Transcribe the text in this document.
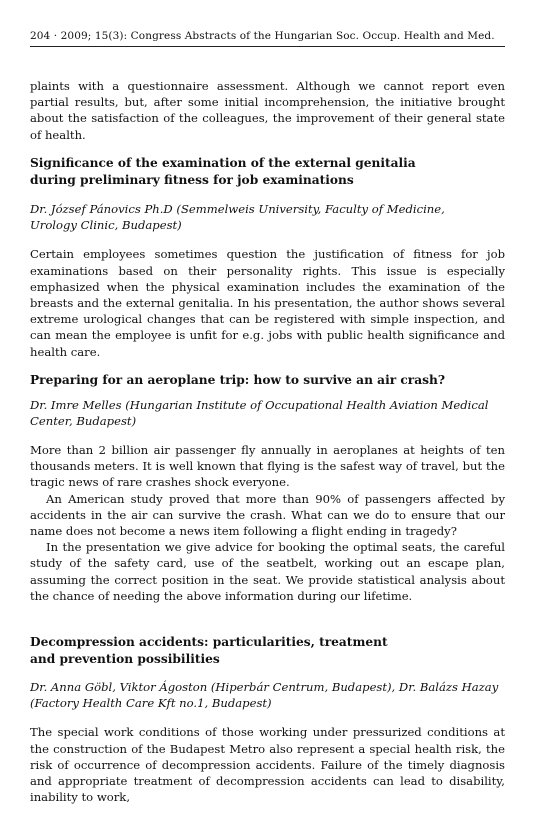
204 · 2009; 15(3): Congress Abstracts of the Hungarian Soc. Occup. Health and Med.

plaints with a questionnaire assessment. Although we cannot report even partial results, but, after some initial incomprehension, the initiative brought about the satisfaction of the colleagues, the improvement of their general state of health.

Significance of the examination of the external genitalia
during preliminary fitness for job examinations
Dr. József Pánovics Ph.D (Semmelweis University, Faculty of Medicine,
Urology Clinic, Budapest)

Certain employees sometimes question the justification of fitness for job examinations based on their personality rights. This issue is especially emphasized when the physical examination includes the examination of the breasts and the external genitalia. In his presentation, the author shows several extreme urological changes that can be registered with simple inspection, and can mean the employee is unfit for e.g. jobs with public health significance and health care.

Preparing for an aeroplane trip: how to survive an air crash?
Dr. Imre Melles (Hungarian Institute of Occupational Health Aviation Medical
Center, Budapest)

More than 2 billion air passenger fly annually in aeroplanes at heights of ten thousands meters. It is well known that flying is the safest way of travel, but the tragic news of rare crashes shock everyone.

An American study proved that more than 90% of passengers affected by accidents in the air can survive the crash. What can we do to ensure that our name does not become a news item following a flight ending in tragedy?

In the presentation we give advice for booking the optimal seats, the careful study of the safety card, use of the seatbelt, working out an escape plan, assuming the correct position in the seat. We provide statistical analysis about the chance of needing the above information during our lifetime.

Decompression accidents: particularities, treatment
and prevention possibilities
Dr. Anna Göbl, Viktor Ágoston (Hiperbár Centrum, Budapest), Dr. Balázs Hazay
(Factory Health Care Kft no.1, Budapest)

The special work conditions of those working under pressurized conditions at the construction of the Budapest Metro also represent a special health risk, the risk of occurrence of decompression accidents. Failure of the timely diagnosis and appropriate treatment of decompression accidents can lead to disability, inability to work,
